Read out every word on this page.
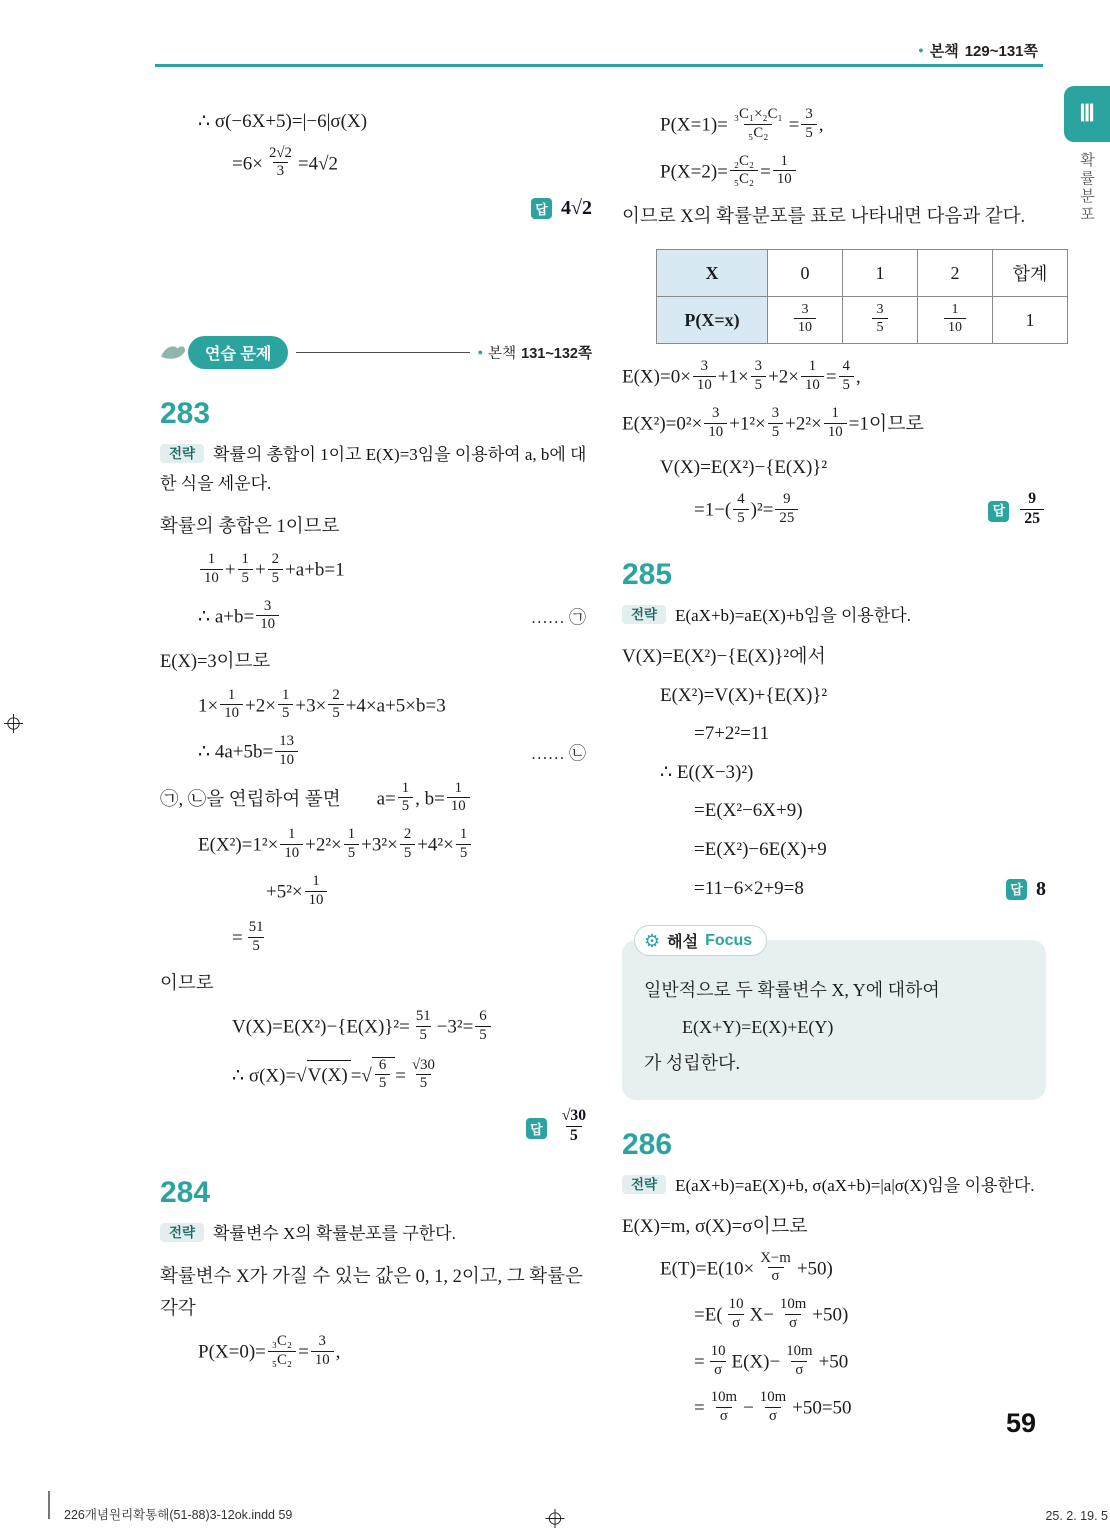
● 본책 129~131쪽
Ⅲ
확률분포
∴ σ(−6X+5)=|−6|σ(X)
$=6\times \frac{2√2}{3} =4√2$
답 4√2
연습 문제	● 본책 131~132쪽
283

전략 확률의 총합이 1이고 E(X)=3임을 이용하여 a, b에 대한 식을 세운다.

확률의 총합은 1이므로
$\frac{1}{10} + \frac{1}{5} + \frac{2}{5} +a+b=1$
∴ $a+b= \frac{3}{10}$	…… ㉠
E(X)=3이므로
$1\times \frac{1}{10} +2\times \frac{1}{5} +3\times \frac{2}{5} +4\times a+5\times b=3$
∴ $4a+5b= \frac{13}{10}$	…… ㉡
㉠, ㉡을 연립하여 풀면 $a= \frac{1}{5}$ , $b= \frac{1}{10}$
$E(X^2)=1^2\times \frac{1}{10} +2^2\times \frac{1}{5} +3^2\times \frac{2}{5} +4^2\times \frac{1}{5}$
$+5^2\times \frac{1}{10}$
= $\frac{51}{5}$
이므로
$V(X)=E(X^2)-\{E(X)\}^2= \frac{51}{5} -3^2= \frac{6}{5}$
∴ σ(X)=√V(X) =√ $\frac{6}{5} = \frac{√30}{5}$
답 $\frac{√30}{5}$
284

전략 확률변수 X의 확률분포를 구한다.

확률변수 X가 가질 수 있는 값은 0, 1, 2이고, 그 확률은 각각
$P(X=0)= \frac{\text{₃C₂}}{\text{₅C₂}} = \frac{3}{10}$ ,
$P(X=1)= \frac{\text{₃C₁×₂C₁}}{\text{₅C₂}} = \frac{3}{5}$ ,
$P(X=2)= \frac{\text{₂C₂}}{\text{₅C₂}} = \frac{1}{10}$
이므로 X의 확률분포를 표로 나타내면 다음과 같다.
X	0	1	2	합계
P(X=x)	$\frac{3}{10}$	$\frac{3}{5}$	$\frac{1}{10}$	1
$E(X)=0\times \frac{3}{10} +1\times \frac{3}{5} +2\times \frac{1}{10} = \frac{4}{5}$ ,
$E(X^2)=0^2\times \frac{3}{10} +1^2\times \frac{3}{5} +2^2\times \frac{1}{10} =1$이므로
V(X)=E(X²)−{E(X)}²
$=1-( \frac{4}{5} )^2= \frac{9}{25}$	답 $\frac{9}{25}$
285

전략 E(aX+b)=aE(X)+b임을 이용한다.

V(X)=E(X²)−{E(X)}²에서
E(X²)=V(X)+{E(X)}²
=7+2²=11
∴ E((X−3)²)
=E(X²−6X+9)
=E(X²)−6E(X)+9
=11−6×2+9=8	답 8
⚙ 해설 Focus
일반적으로 두 확률변수 X, Y에 대하여
E(X+Y)=E(X)+E(Y)
가 성립한다.
286

전략 E(aX+b)=aE(X)+b, σ(aX+b)=|a|σ(X)임을 이용한다.

E(X)=m, σ(X)=σ이므로
$E(T)=E(10\times \frac{X-m}{\sigma} +50)$
$=E( \frac{10}{\sigma} X- \frac{10m}{\sigma} +50)$
= $\frac{10}{\sigma} E(X)- \frac{10m}{\sigma} +50$
= $\frac{10m}{\sigma} - \frac{10m}{\sigma} +50=50$	59
226개념원리확통해(51-88)3-12ok.indd 59	25. 2. 19. 5
